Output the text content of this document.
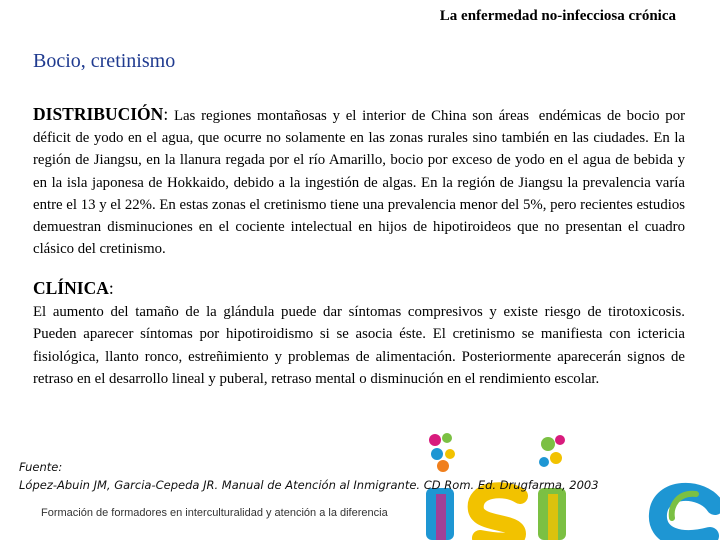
La enfermedad no-infecciosa crónica
Bocio, cretinismo
DISTRIBUCIÓN: Las regiones montañosas y el interior de China son áreas endémicas de bocio por déficit de yodo en el agua, que ocurre no solamente en las zonas rurales sino también en las ciudades. En la región de Jiangsu, en la llanura regada por el río Amarillo, bocio por exceso de yodo en el agua de bebida y en la isla japonesa de Hokkaido, debido a la ingestión de algas. En la región de Jiangsu la prevalencia varía entre el 13 y el 22%. En estas zonas el cretinismo tiene una prevalencia menor del 5%, pero recientes estudios demuestran disminuciones en el cociente intelectual en hijos de hipotiroideos que no presentan el cuadro clásico del cretinismo.
CLÍNICA:
El aumento del tamaño de la glándula puede dar síntomas compresivos y existe riesgo de tirotoxicosis. Pueden aparecer síntomas por hipotiroidismo si se asocia éste. El cretinismo se manifiesta con ictericia fisiológica, llanto ronco, estreñimiento y problemas de alimentación. Posteriormente aparecerán signos de retraso en el desarrollo lineal y puberal, retraso mental o disminución en el rendimiento escolar.
Fuente:
López-Abuin JM, Garcia-Cepeda JR. Manual de Atención al Inmigrante. CD Rom. Ed. Drugfarma, 2003
Formación de formadores en interculturalidad y atención a la diferencia
